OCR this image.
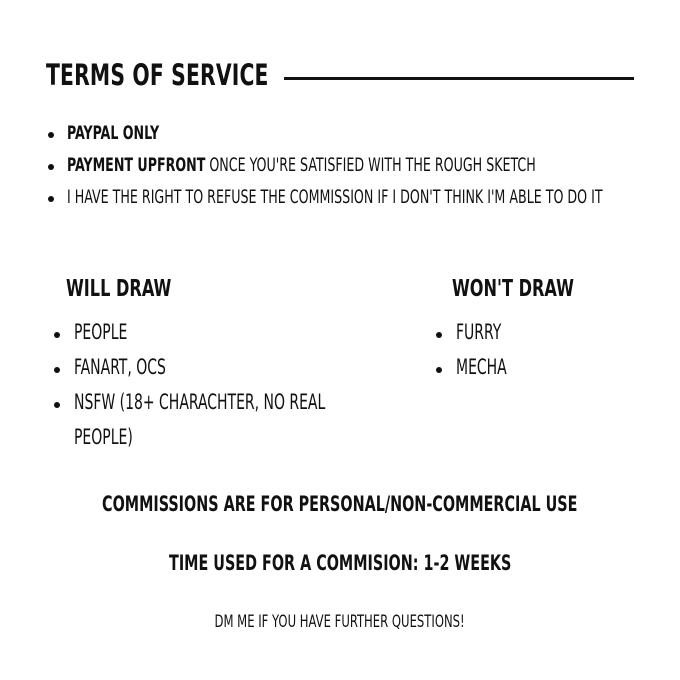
TERMS OF SERVICE
PAYPAL ONLY
PAYMENT UPFRONT ONCE YOU'RE SATISFIED WITH THE ROUGH SKETCH
I HAVE THE RIGHT TO REFUSE THE COMMISSION IF I DON'T THINK I'M ABLE TO DO IT
WILL DRAW
PEOPLE
FANART, OCS
NSFW (18+ CHARACHTER, NO REAL
PEOPLE)
WON'T DRAW
FURRY
MECHA
COMMISSIONS ARE FOR PERSONAL/NON-COMMERCIAL USE
TIME USED FOR A COMMISION: 1-2 WEEKS
DM ME IF YOU HAVE FURTHER QUESTIONS!
